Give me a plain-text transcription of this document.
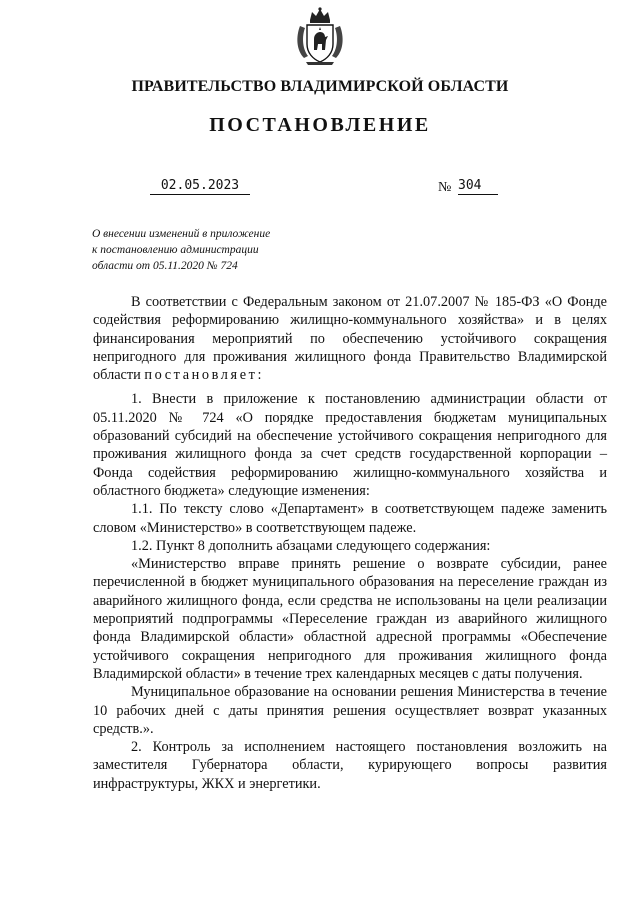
ПРАВИТЕЛЬСТВО ВЛАДИМИРСКОЙ ОБЛАСТИ
ПОСТАНОВЛЕНИЕ
02.05.2023	№ 304
О внесении изменений в приложение
к постановлению администрации
области от 05.11.2020 № 724

В соответствии с Федеральным законом от 21.07.2007 № 185-ФЗ «О Фонде содействия реформированию жилищно-коммунального хозяйства» и в целях финансирования мероприятий по обеспечению устойчивого сокращения непригодного для проживания жилищного фонда Правительство Владимирской области постановляет:

1. Внести в приложение к постановлению администрации области от 05.11.2020 № 724 «О порядке предоставления бюджетам муниципальных образований субсидий на обеспечение устойчивого сокращения непригодного для проживания жилищного фонда за счет средств государственной корпорации – Фонда содействия реформированию жилищно-коммунального хозяйства и областного бюджета» следующие изменения:

1.1. По тексту слово «Департамент» в соответствующем падеже заменить словом «Министерство» в соответствующем падеже.

1.2. Пункт 8 дополнить абзацами следующего содержания:

«Министерство вправе принять решение о возврате субсидии, ранее перечисленной в бюджет муниципального образования на переселение граждан из аварийного жилищного фонда, если средства не использованы на цели реализации мероприятий подпрограммы «Переселение граждан из аварийного жилищного фонда Владимирской области» областной адресной программы «Обеспечение устойчивого сокращения непригодного для проживания жилищного фонда Владимирской области» в течение трех календарных месяцев с даты получения.

Муниципальное образование на основании решения Министерства в течение 10 рабочих дней с даты принятия решения осуществляет возврат указанных средств.».

2. Контроль за исполнением настоящего постановления возложить на заместителя Губернатора области, курирующего вопросы развития инфраструктуры, ЖКХ и энергетики.
